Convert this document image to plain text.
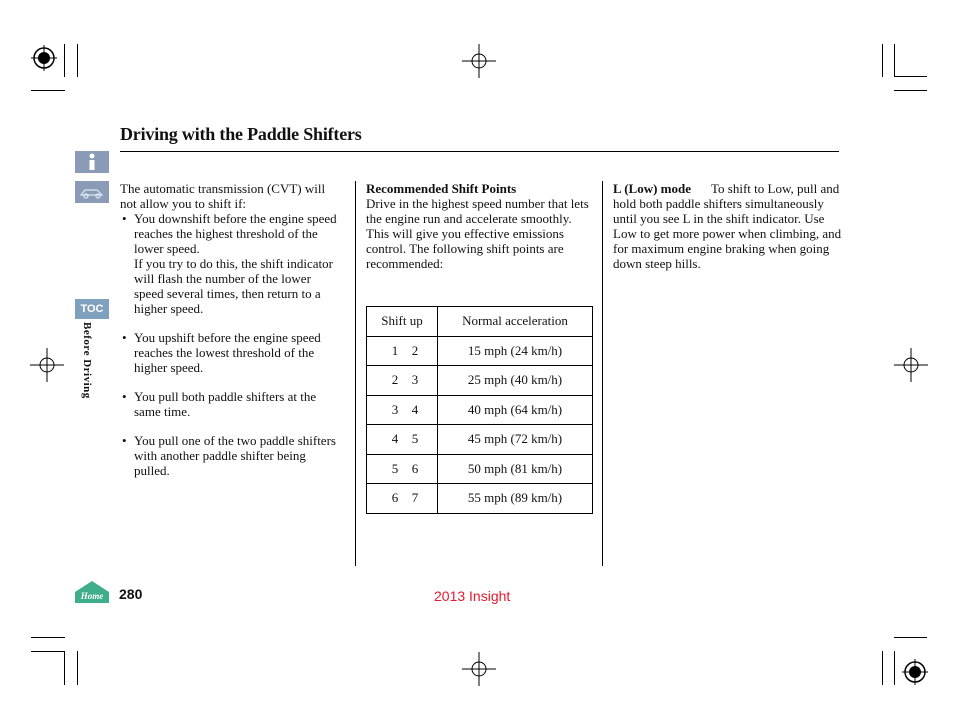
Driving with the Paddle Shifters
TOC
Before Driving

The automatic transmission (CVT) will not allow you to shift if:

• You downshift before the engine speed reaches the highest threshold of the lower speed.

If you try to do this, the shift indicator will flash the number of the lower speed several times, then return to a higher speed.

• You upshift before the engine speed reaches the lowest threshold of the higher speed.

• You pull both paddle shifters at the same time.

• You pull one of the two paddle shifters with another paddle shifter being pulled.

Recommended Shift Points
Drive in the highest speed number that lets the engine run and accelerate smoothly. This will give you effective emissions control. The following shift points are recommended:
Shift up	Normal acceleration
1 2	15 mph (24 km/h)
2 3	25 mph (40 km/h)
3 4	40 mph (64 km/h)
4 5	45 mph (72 km/h)
5 6	50 mph (81 km/h)
6 7	55 mph (89 km/h)
L (Low) mode To shift to Low, pull and hold both paddle shifters simultaneously until you see L in the shift indicator. Use Low to get more power when climbing, and for maximum engine braking when going down steep hills.
Home 280	2013 Insight
